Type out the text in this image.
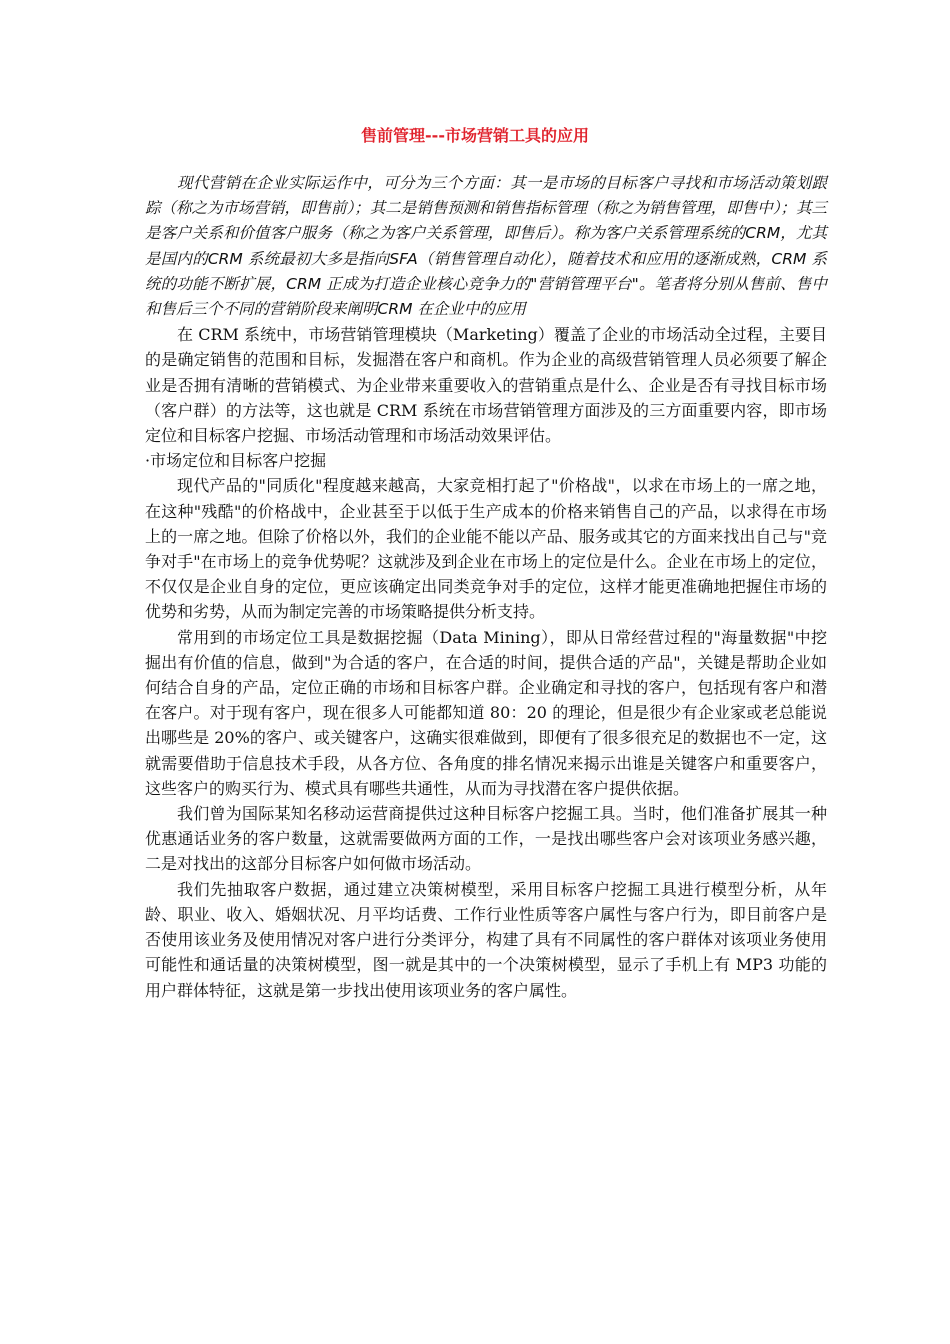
售前管理---市场营销工具的应用

现代营销在企业实际运作中，可分为三个方面：其一是市场的目标客户寻找和市场活动策划跟踪（称之为市场营销，即售前）；其二是销售预测和销售指标管理（称之为销售管理，即售中）；其三是客户关系和价值客户服务（称之为客户关系管理，即售后）。称为客户关系管理系统的CRM，尤其是国内的CRM 系统最初大多是指向SFA（销售管理自动化），随着技术和应用的逐渐成熟，CRM 系统的功能不断扩展，CRM 正成为打造企业核心竞争力的"营销管理平台"。笔者将分别从售前、售中和售后三个不同的营销阶段来阐明CRM 在企业中的应用

在 CRM 系统中，市场营销管理模块（Marketing）覆盖了企业的市场活动全过程，主要目的是确定销售的范围和目标，发掘潜在客户和商机。作为企业的高级营销管理人员必须要了解企业是否拥有清晰的营销模式、为企业带来重要收入的营销重点是什么、企业是否有寻找目标市场（客户群）的方法等，这也就是 CRM 系统在市场营销管理方面涉及的三方面重要内容，即市场定位和目标客户挖掘、市场活动管理和市场活动效果评估。

·市场定位和目标客户挖掘

现代产品的"同质化"程度越来越高，大家竞相打起了"价格战"，以求在市场上的一席之地，在这种"残酷"的价格战中，企业甚至于以低于生产成本的价格来销售自己的产品，以求得在市场上的一席之地。但除了价格以外，我们的企业能不能以产品、服务或其它的方面来找出自己与"竞争对手"在市场上的竞争优势呢？这就涉及到企业在市场上的定位是什么。企业在市场上的定位，不仅仅是企业自身的定位，更应该确定出同类竞争对手的定位，这样才能更准确地把握住市场的优势和劣势，从而为制定完善的市场策略提供分析支持。

常用到的市场定位工具是数据挖掘（Data Mining），即从日常经营过程的"海量数据"中挖掘出有价值的信息，做到"为合适的客户，在合适的时间，提供合适的产品"，关键是帮助企业如何结合自身的产品，定位正确的市场和目标客户群。企业确定和寻找的客户，包括现有客户和潜在客户。对于现有客户，现在很多人可能都知道 80：20 的理论，但是很少有企业家或老总能说出哪些是 20%的客户、或关键客户，这确实很难做到，即便有了很多很充足的数据也不一定，这就需要借助于信息技术手段，从各方位、各角度的排名情况来揭示出谁是关键客户和重要客户，这些客户的购买行为、模式具有哪些共通性，从而为寻找潜在客户提供依据。

我们曾为国际某知名移动运营商提供过这种目标客户挖掘工具。当时，他们准备扩展其一种优惠通话业务的客户数量，这就需要做两方面的工作，一是找出哪些客户会对该项业务感兴趣，二是对找出的这部分目标客户如何做市场活动。

我们先抽取客户数据，通过建立决策树模型，采用目标客户挖掘工具进行模型分析，从年龄、职业、收入、婚姻状况、月平均话费、工作行业性质等客户属性与客户行为，即目前客户是否使用该业务及使用情况对客户进行分类评分，构建了具有不同属性的客户群体对该项业务使用可能性和通话量的决策树模型，图一就是其中的一个决策树模型，显示了手机上有 MP3 功能的用户群体特征，这就是第一步找出使用该项业务的客户属性。
